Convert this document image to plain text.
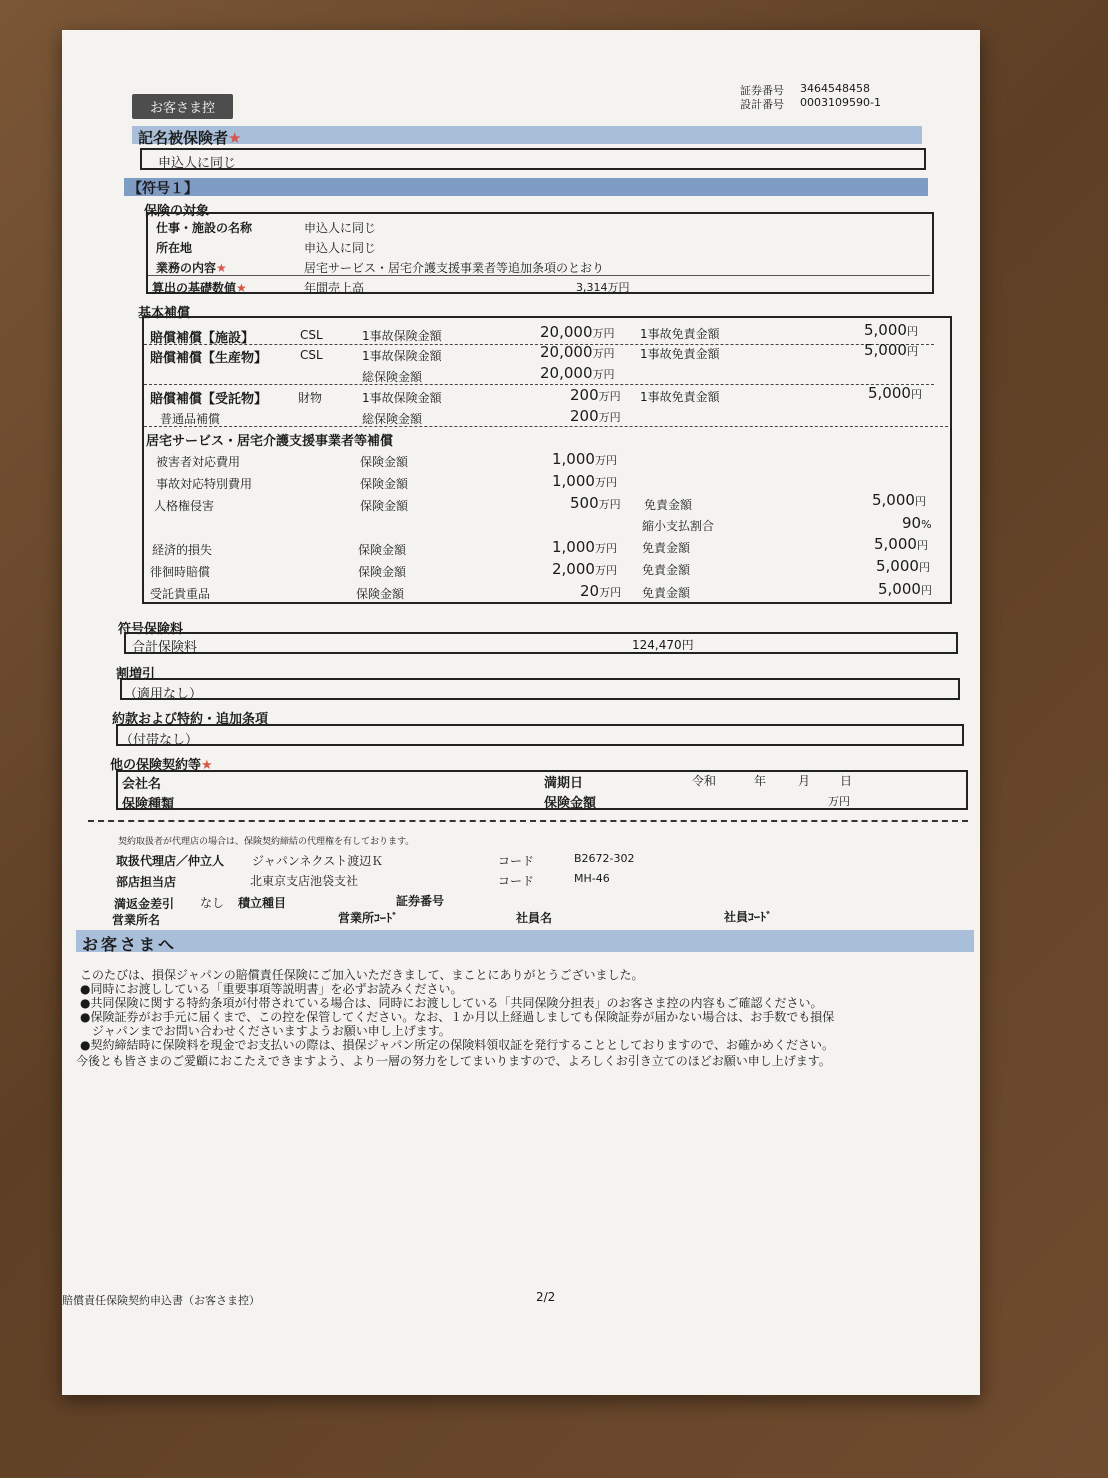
お客さま控
証券番号 3464548458
設計番号 0003109590-1
記名被保険者★
申込人に同じ
【符号１】
保険の対象
仕事・施設の名称	申込人に同じ
所在地	申込人に同じ
業務の内容★	居宅サービス・居宅介護支援事業者等追加条項のとおり
算出の基礎数値★	年間売上高	3,314万円
基本補償
賠償補償【施設】	CSL	1事故保険金額	20,000万円 1事故免責金額	5,000円
賠償補償【生産物】	CSL	1事故保険金額	20,000万円 1事故免責金額	5,000円
総保険金額	20,000万円
賠償補償【受託物】	財物	1事故保険金額	200万円 1事故免責金額	5,000円
普通品補償	総保険金額	200万円
居宅サービス・居宅介護支援事業者等補償
被害者対応費用	保険金額	1,000万円
事故対応特別費用	保険金額	1,000万円
人格権侵害	保険金額	500万円 免責金額	5,000円
縮小支払割合	90%
経済的損失	保険金額	1,000万円 免責金額	5,000円
徘徊時賠償	保険金額	2,000万円 免責金額	5,000円
受託貴重品	保険金額	20万円 免責金額	5,000円
符号保険料
合計保険料	124,470円
割増引
（適用なし）
約款および特約・追加条項
（付帯なし）
他の保険契約等★
会社名
保険種類
満期日	令和	年	月 日
保険金額	万円
契約取扱者が代理店の場合は、保険契約締結の代理権を有しております。
取扱代理店／仲立人 ジャパンネクスト渡辺Ｋ	コード	B2672-302
部店担当店	北東京支店池袋支社	コード	MH-46
満返金差引 なし 積立種目	証券番号
営業所名	営業所ｺｰﾄﾞ	社員名	社員ｺｰﾄﾞ
お客さまへ
このたびは、損保ジャパンの賠償責任保険にご加入いただきまして、まことにありがとうございました。
●同時にお渡ししている「重要事項等説明書」を必ずお読みください。
●共同保険に関する特約条項が付帯されている場合は、同時にお渡ししている「共同保険分担表」のお客さま控の内容もご確認ください。
●保険証券がお手元に届くまで、この控を保管してください。なお、１か月以上経過しましても保険証券が届かない場合は、お手数でも損保
　ジャパンまでお問い合わせくださいますようお願い申し上げます。
●契約締結時に保険料を現金でお支払いの際は、損保ジャパン所定の保険料領収証を発行することとしておりますので、お確かめください。
今後とも皆さまのご愛顧におこたえできますよう、より一層の努力をしてまいりますので、よろしくお引き立てのほどお願い申し上げます。
賠償責任保険契約申込書（お客さま控）	2/2
